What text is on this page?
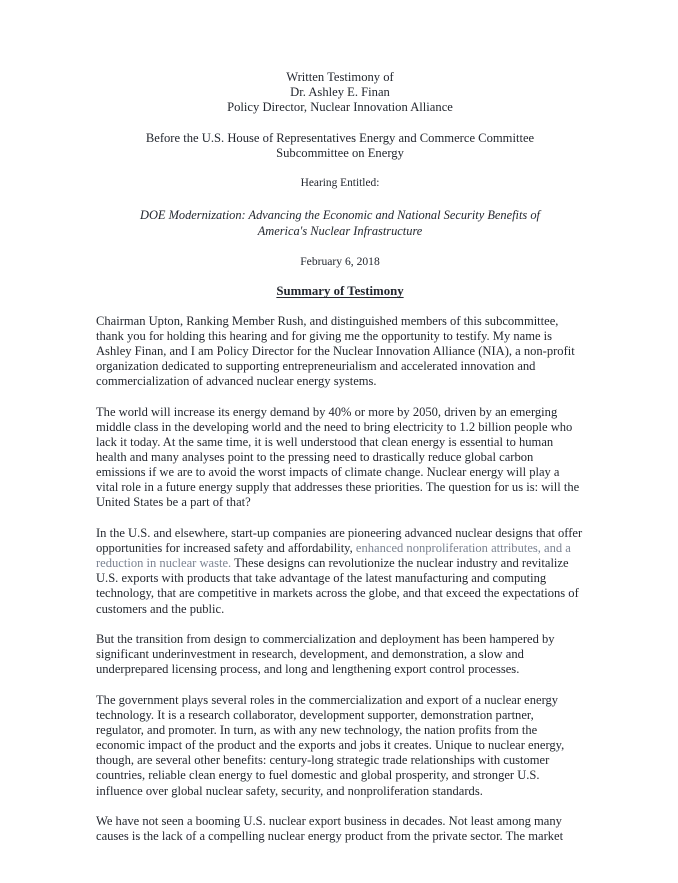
Written Testimony of
Dr. Ashley E. Finan
Policy Director, Nuclear Innovation Alliance
Before the U.S. House of Representatives Energy and Commerce Committee
Subcommittee on Energy
Hearing Entitled:
DOE Modernization: Advancing the Economic and National Security Benefits of America's Nuclear Infrastructure
February 6, 2018
Summary of Testimony

Chairman Upton, Ranking Member Rush, and distinguished members of this subcommittee, thank you for holding this hearing and for giving me the opportunity to testify. My name is Ashley Finan, and I am Policy Director for the Nuclear Innovation Alliance (NIA), a non-profit organization dedicated to supporting entrepreneurialism and accelerated innovation and commercialization of advanced nuclear energy systems.

The world will increase its energy demand by 40% or more by 2050, driven by an emerging middle class in the developing world and the need to bring electricity to 1.2 billion people who lack it today. At the same time, it is well understood that clean energy is essential to human health and many analyses point to the pressing need to drastically reduce global carbon emissions if we are to avoid the worst impacts of climate change. Nuclear energy will play a vital role in a future energy supply that addresses these priorities. The question for us is: will the United States be a part of that?

In the U.S. and elsewhere, start-up companies are pioneering advanced nuclear designs that offer opportunities for increased safety and affordability, enhanced nonproliferation attributes, and a reduction in nuclear waste. These designs can revolutionize the nuclear industry and revitalize U.S. exports with products that take advantage of the latest manufacturing and computing technology, that are competitive in markets across the globe, and that exceed the expectations of customers and the public.

But the transition from design to commercialization and deployment has been hampered by significant underinvestment in research, development, and demonstration, a slow and underprepared licensing process, and long and lengthening export control processes.

The government plays several roles in the commercialization and export of a nuclear energy technology. It is a research collaborator, development supporter, demonstration partner, regulator, and promoter. In turn, as with any new technology, the nation profits from the economic impact of the product and the exports and jobs it creates. Unique to nuclear energy, though, are several other benefits: century-long strategic trade relationships with customer countries, reliable clean energy to fuel domestic and global prosperity, and stronger U.S. influence over global nuclear safety, security, and nonproliferation standards.

We have not seen a booming U.S. nuclear export business in decades. Not least among many causes is the lack of a compelling nuclear energy product from the private sector. The market
